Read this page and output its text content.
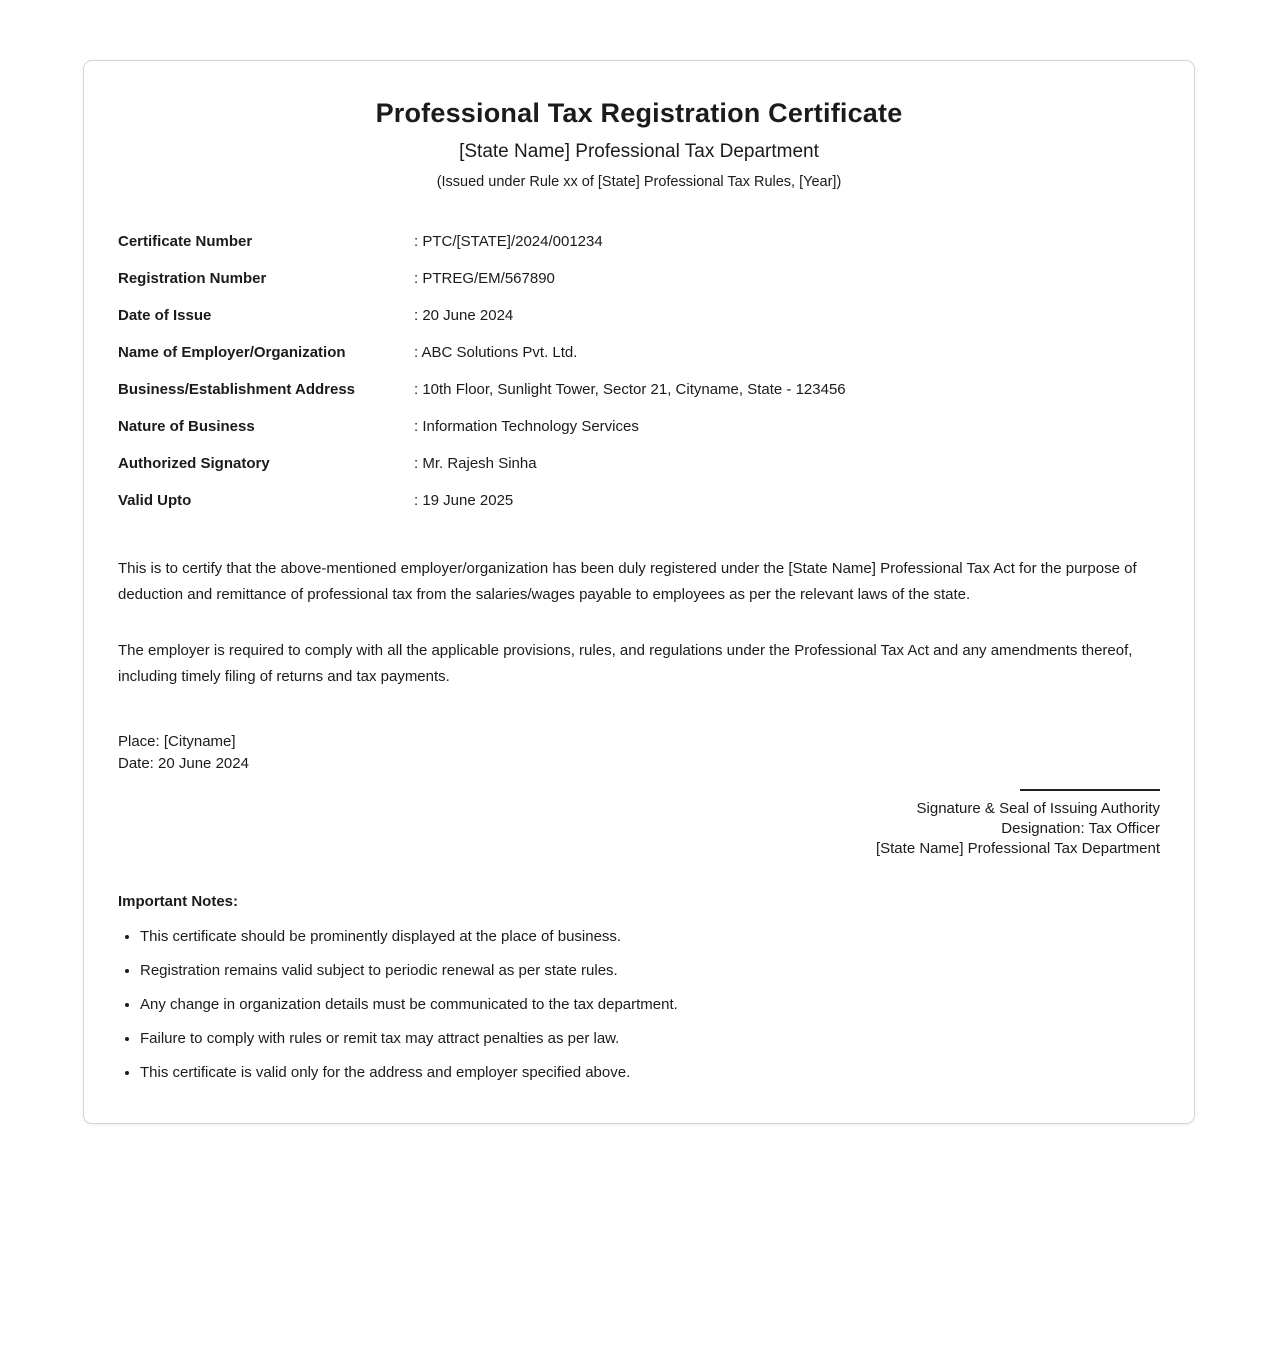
Professional Tax Registration Certificate
[State Name] Professional Tax Department
(Issued under Rule xx of [State] Professional Tax Rules, [Year])
Certificate Number	: PTC/[STATE]/2024/001234
Registration Number	: PTREG/EM/567890
Date of Issue	: 20 June 2024
Name of Employer/Organization	: ABC Solutions Pvt. Ltd.
Business/Establishment Address	: 10th Floor, Sunlight Tower, Sector 21, Cityname, State - 123456
Nature of Business	: Information Technology Services
Authorized Signatory	: Mr. Rajesh Sinha
Valid Upto	: 19 June 2025

This is to certify that the above-mentioned employer/organization has been duly registered under the [State Name] Professional Tax Act for the purpose of deduction and remittance of professional tax from the salaries/wages payable to employees as per the relevant laws of the state.

The employer is required to comply with all the applicable provisions, rules, and regulations under the Professional Tax Act and any amendments thereof, including timely filing of returns and tax payments.

Place: [Cityname]
Date: 20 June 2024
Signature & Seal of Issuing Authority
Designation: Tax Officer
[State Name] Professional Tax Department

Important Notes:

• This certificate should be prominently displayed at the place of business.
• Registration remains valid subject to periodic renewal as per state rules.
• Any change in organization details must be communicated to the tax department.
• Failure to comply with rules or remit tax may attract penalties as per law.
• This certificate is valid only for the address and employer specified above.
